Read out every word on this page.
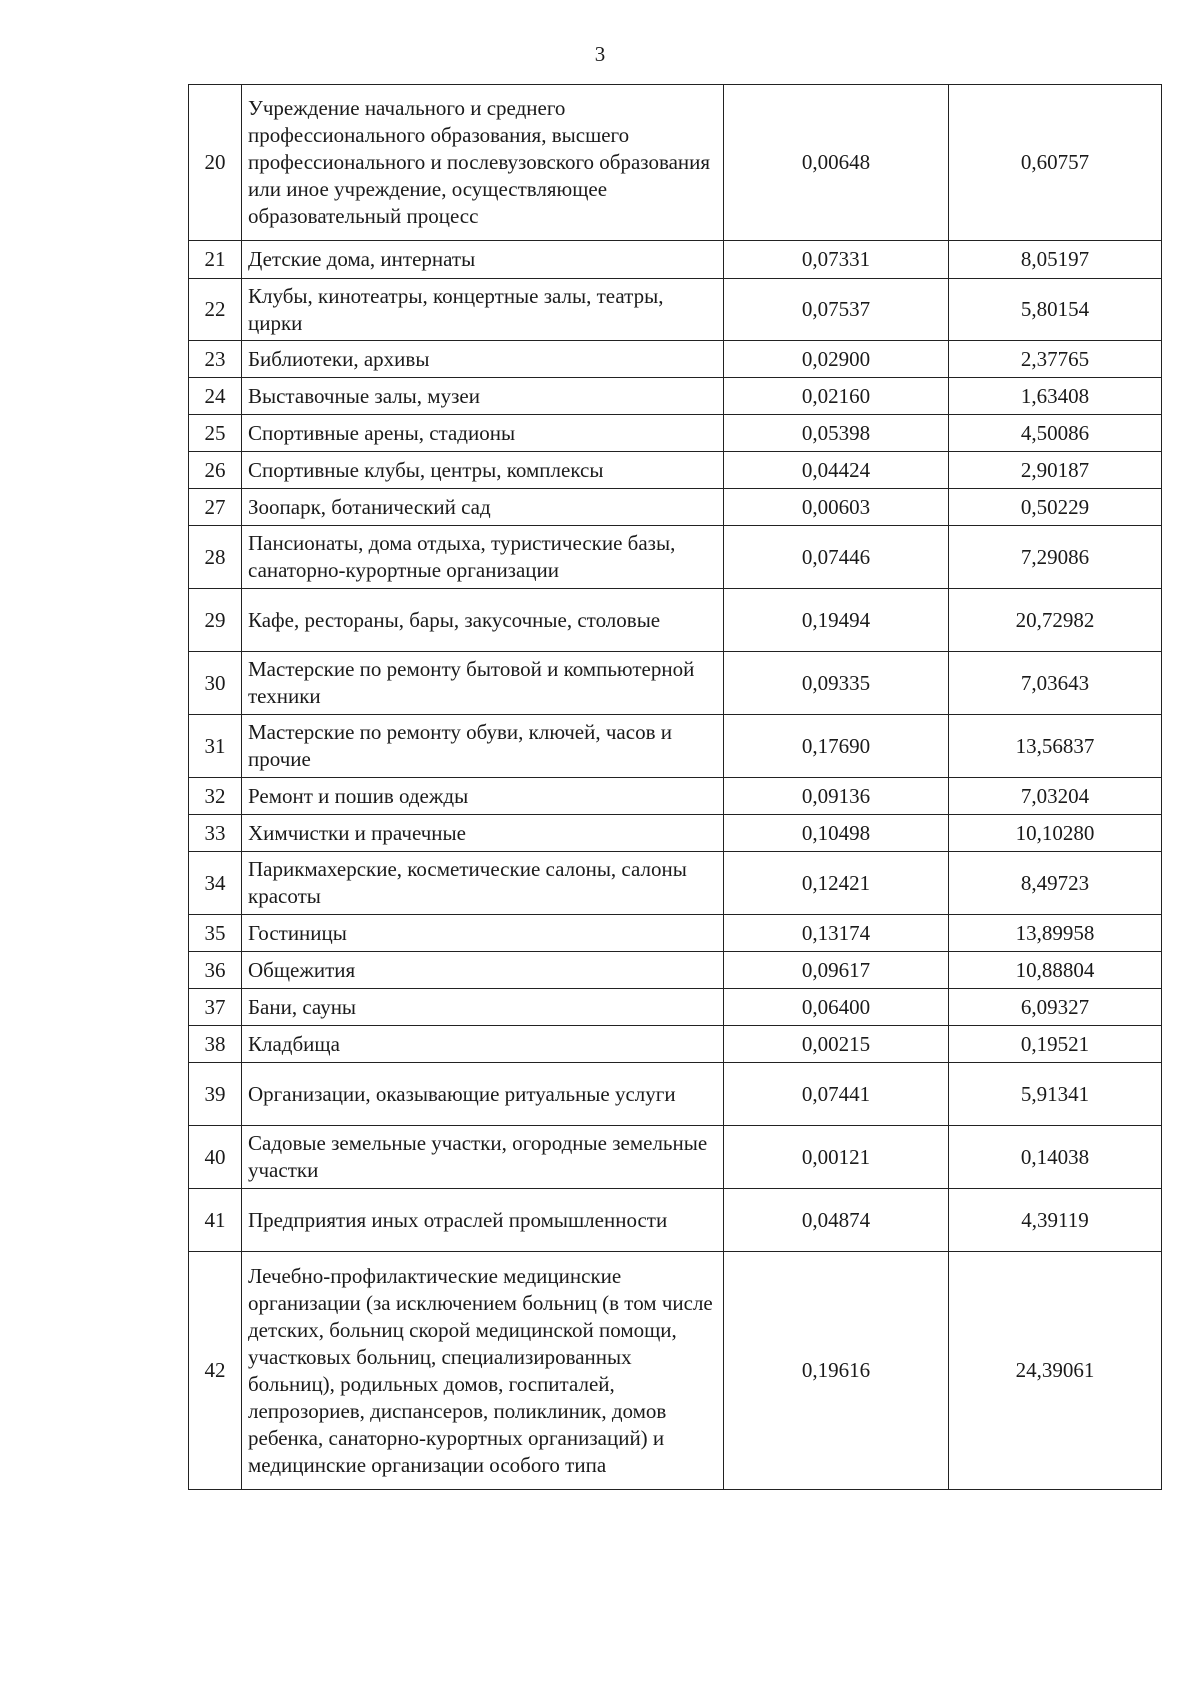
3
20	Учреждение начального и среднего профессионального образования, высшего профессионального и послевузовского образования или иное учреждение, осуществляющее образовательный процесс	0,00648	0,60757
21	Детские дома, интернаты	0,07331	8,05197
22	Клубы, кинотеатры, концертные залы, театры, цирки	0,07537	5,80154
23	Библиотеки, архивы	0,02900	2,37765
24	Выставочные залы, музеи	0,02160	1,63408
25	Спортивные арены, стадионы	0,05398	4,50086
26	Спортивные клубы, центры, комплексы	0,04424	2,90187
27	Зоопарк, ботанический сад	0,00603	0,50229
28	Пансионаты, дома отдыха, туристические базы, санаторно-курортные организации	0,07446	7,29086
29	Кафе, рестораны, бары, закусочные, столовые	0,19494	20,72982
30	Мастерские по ремонту бытовой и компьютерной техники	0,09335	7,03643
31	Мастерские по ремонту обуви, ключей, часов и прочие	0,17690	13,56837
32	Ремонт и пошив одежды	0,09136	7,03204
33	Химчистки и прачечные	0,10498	10,10280
34	Парикмахерские, косметические салоны, салоны красоты	0,12421	8,49723
35	Гостиницы	0,13174	13,89958
36	Общежития	0,09617	10,88804
37	Бани, сауны	0,06400	6,09327
38	Кладбища	0,00215	0,19521
39	Организации, оказывающие ритуальные услуги	0,07441	5,91341
40	Садовые земельные участки, огородные земельные участки	0,00121	0,14038
41	Предприятия иных отраслей промышленности	0,04874	4,39119
42	Лечебно-профилактические медицинские организации (за исключением больниц (в том числе детских, больниц скорой медицинской помощи, участковых больниц, специализированных больниц), родильных домов, госпиталей, лепрозориев, диспансеров, поликлиник, домов ребенка, санаторно-курортных организаций) и медицинские организации особого типа	0,19616	24,39061
